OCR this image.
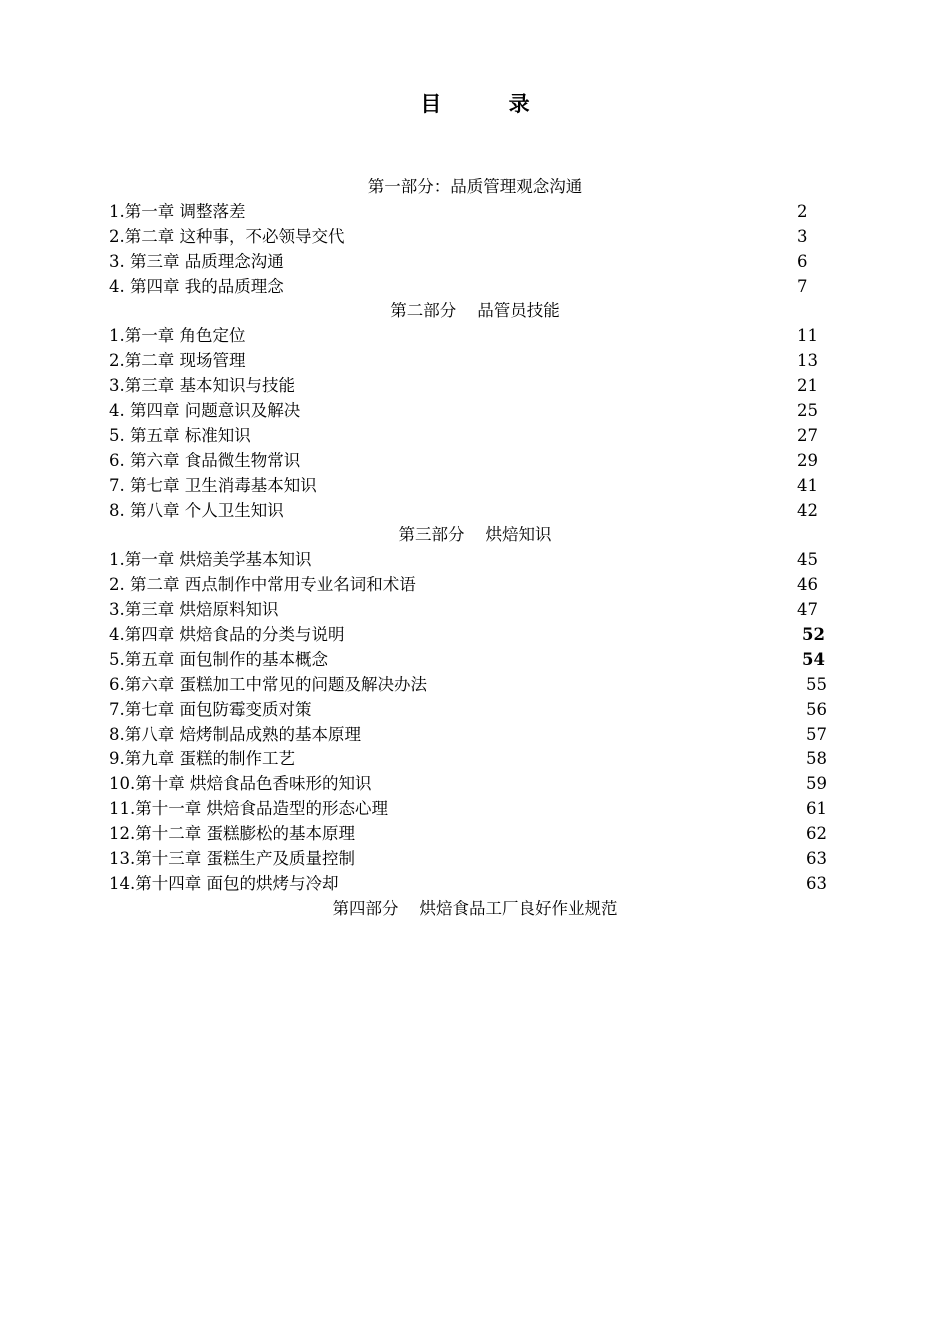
目 录
第一部分：品质管理观念沟通
1.第一章 调整落差	2
2.第二章 这种事，不必领导交代	3
3. 第三章 品质理念沟通	6
4. 第四章 我的品质理念	7
第二部分    品管员技能
1.第一章 角色定位	11
2.第二章 现场管理	13
3.第三章 基本知识与技能	21
4. 第四章 问题意识及解决	25
5. 第五章 标准知识	27
6. 第六章 食品微生物常识	29
7. 第七章 卫生消毒基本知识	41
8. 第八章 个人卫生知识	42
第三部分    烘焙知识
1.第一章 烘焙美学基本知识	45
2. 第二章 西点制作中常用专业名词和术语	46
3.第三章 烘焙原料知识	47
4.第四章 烘焙食品的分类与说明	52
5.第五章 面包制作的基本概念	54
6.第六章 蛋糕加工中常见的问题及解决办法	55
7.第七章 面包防霉变质对策	56
8.第八章 焙烤制品成熟的基本原理	57
9.第九章 蛋糕的制作工艺	58
10.第十章 烘焙食品色香味形的知识	59
11.第十一章 烘焙食品造型的形态心理	61
12.第十二章 蛋糕膨松的基本原理	62
13.第十三章 蛋糕生产及质量控制	63
14.第十四章 面包的烘烤与冷却	63
第四部分    烘焙食品工厂良好作业规范
